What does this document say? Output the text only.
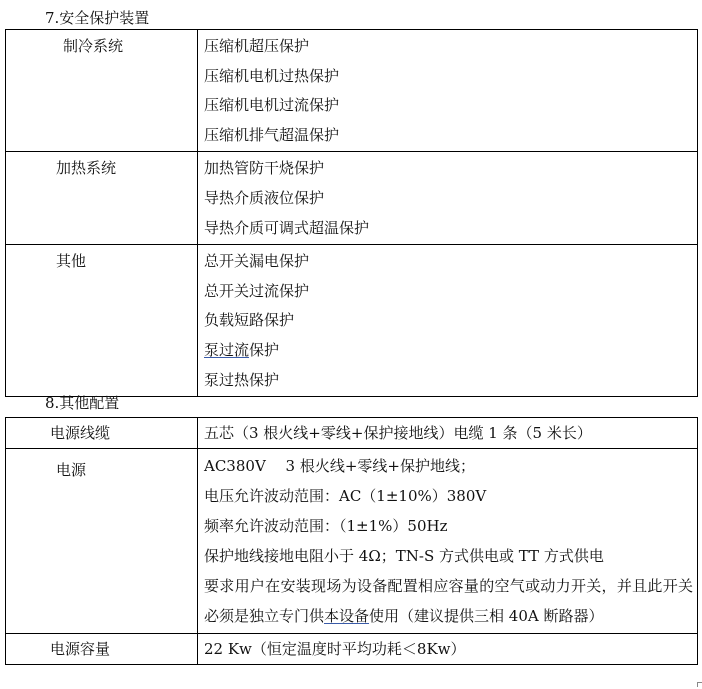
7.安全保护装置
制冷系统	压缩机超压保护
压缩机电机过热保护
压缩机电机过流保护
压缩机排气超温保护

加热系统	加热管防干烧保护
导热介质液位保护
导热介质可调式超温保护

其他	总开关漏电保护
总开关过流保护
负载短路保护
泵过流保护
泵过热保护
8.其他配置
电源线缆	五芯（3 根火线+零线+保护接地线）电缆 1 条（5 米长）
电源	AC380V　 3 根火线+零线+保护地线；
电压允许波动范围：AC（1±10%）380V
频率允许波动范围：（1±1%）50Hz
保护地线接地电阻小于 4Ω；TN-S 方式供电或 TT 方式供电
要求用户在安装现场为设备配置相应容量的空气或动力开关，并且此开关必须是独立专门供本设备使用（建议提供三相 40A 断路器）

电源容量	22 Kw（恒定温度时平均功耗＜8Kw）
